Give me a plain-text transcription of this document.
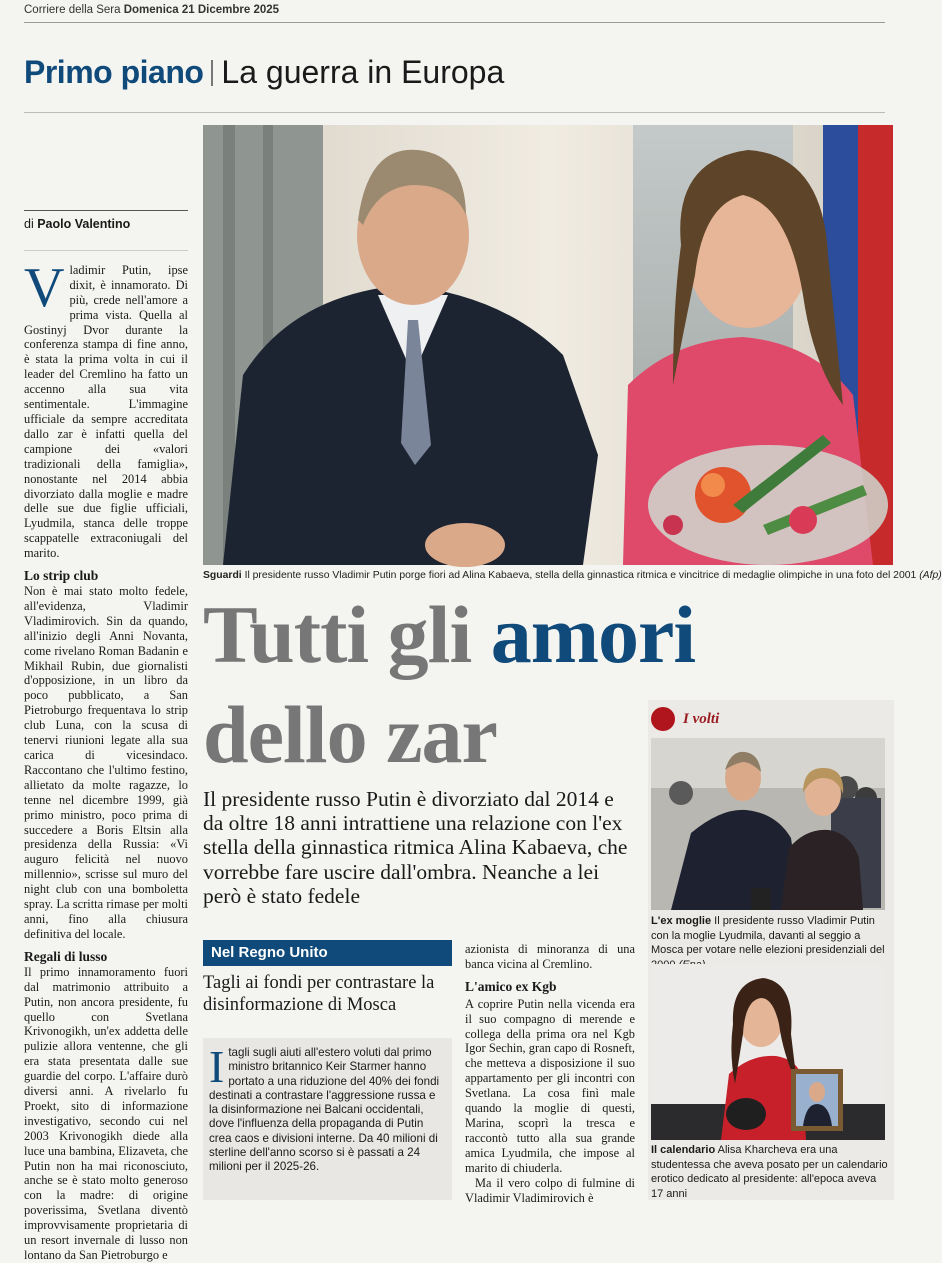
Corriere della Sera Domenica 21 Dicembre 2025
Primo piano La guerra in Europa
di Paolo Valentino

Vladimir Putin, ipse dixit, è innamorato. Di più, crede nell'amore a prima vista. Quella al Gostinyj Dvor durante la conferenza stampa di fine anno, è stata la prima volta in cui il leader del Cremlino ha fatto un accenno alla sua vita sentimentale. L'immagine ufficiale da sempre accreditata dallo zar è infatti quella del campione dei «valori tradizionali della famiglia», nonostante nel 2014 abbia divorziato dalla moglie e madre delle sue due figlie ufficiali, Lyudmila, stanca delle troppe scappatelle extraconiugali del marito.

Lo strip club

Non è mai stato molto fedele, all'evidenza, Vladimir Vladimirovich. Sin da quando, all'inizio degli Anni Novanta, come rivelano Roman Badanin e Mikhail Rubin, due giornalisti d'opposizione, in un libro da poco pubblicato, a San Pietroburgo frequentava lo strip club Luna, con la scusa di tenervi riunioni legate alla sua carica di vicesindaco. Raccontano che l'ultimo festino, allietato da molte ragazze, lo tenne nel dicembre 1999, già primo ministro, poco prima di succedere a Boris Eltsin alla presidenza della Russia: «Vi auguro felicità nel nuovo millennio», scrisse sul muro del night club con una bomboletta spray. La scritta rimase per molti anni, fino alla chiusura definitiva del locale.

Regali di lusso

Il primo innamoramento fuori dal matrimonio attribuito a Putin, non ancora presidente, fu quello con Svetlana Krivonogikh, un'ex addetta delle pulizie allora ventenne, che gli era stata presentata dalle sue guardie del corpo. L'affaire durò diversi anni. A rivelarlo fu Proekt, sito di informazione investigativo, secondo cui nel 2003 Krivonogikh diede alla luce una bambina, Elizaveta, che Putin non ha mai riconosciuto, anche se è stato molto generoso con la madre: di origine poverissima, Svetlana diventò improvvisamente proprietaria di un resort invernale di lusso non lontano da San Pietroburgo e

Sguardi Il presidente russo Vladimir Putin porge fiori ad Alina Kabaeva, stella della ginnastica ritmica e vincitrice di medaglie olimpiche in una foto del 2001 (Afp)
Tutti gli amori
dello zar
Il presidente russo Putin è divorziato dal 2014 e da oltre 18 anni intrattiene una relazione con l'ex stella della ginnastica ritmica Alina Kabaeva, che vorrebbe fare uscire dall'ombra. Neanche a lei però è stato fedele
I volti
L'ex moglie Il presidente russo Vladimir Putin con la moglie Lyudmila, davanti al seggio a Mosca per votare nelle elezioni presidenziali del
Il calendario Alisa Kharcheva era una studentessa che aveva posato per un calendario erotico dedicato al presidente: all'epoca aveva 17 anni
Nel Regno Unito
Tagli ai fondi per contrastare la disinformazione di Mosca
I tagli sugli aiuti all'estero voluti dal primo ministro britannico Keir Starmer hanno portato a una riduzione del 40% dei fondi destinati a contrastare l'aggressione russa e la disinformazione nei Balcani occidentali, dove l'influenza della propaganda di Putin crea caos e divisioni interne. Da 40 milioni di sterline dell'anno scorso si è passati a 24 milioni per il 2025-26.

azionista di minoranza di una banca vicina al Cremlino.

L'amico ex Kgb

A coprire Putin nella vicenda era il suo compagno di merende e collega della prima ora nel Kgb Igor Sechin, gran capo di Rosneft, che metteva a disposizione il suo appartamento per gli incontri con Svetlana. La cosa finì male quando la moglie di questi, Marina, scoprì la tresca e raccontò tutto alla sua grande amica Lyudmila, che impose al marito di chiuderla.

Ma il vero colpo di fulmine di Vladimir Vladimirovich è
